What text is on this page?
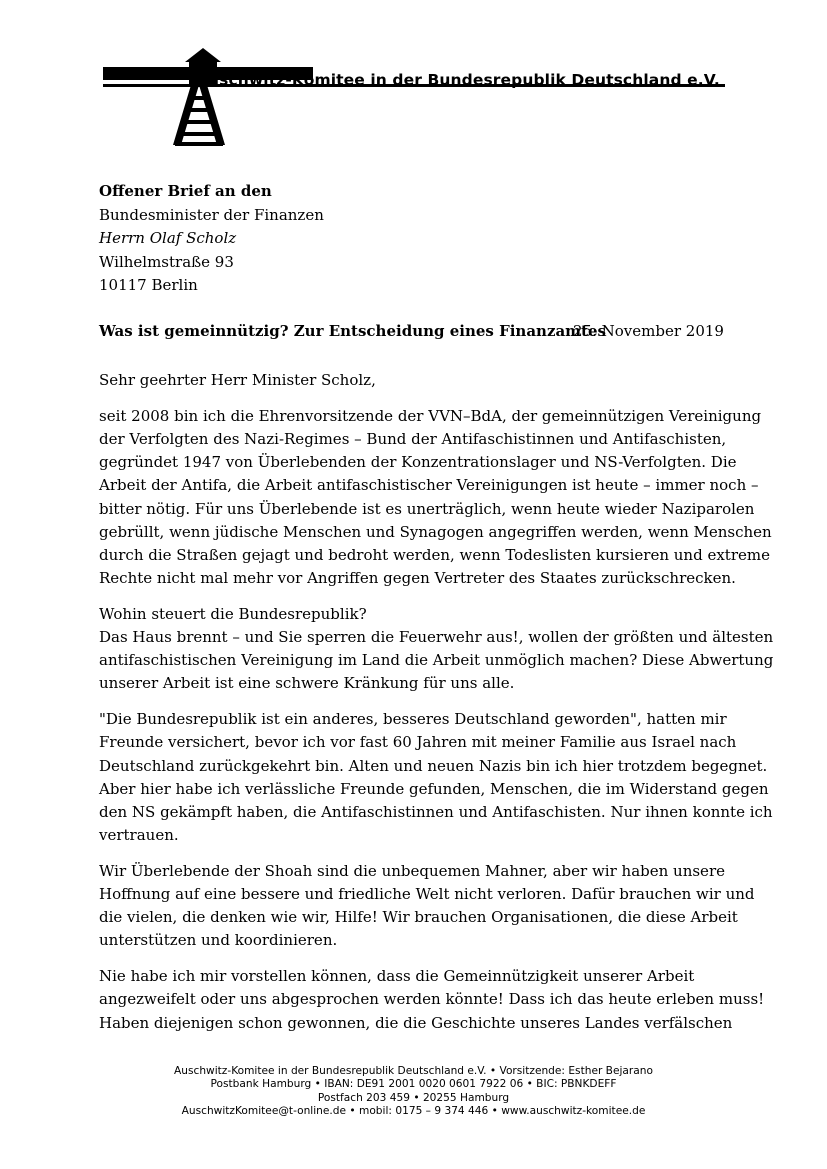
uschwitz-Komitee in der Bundesrepublik Deutschland e.V.
Offener Brief an den
Bundesminister der Finanzen
Herrn Olaf Scholz
Wilhelmstraße 93
10117 Berlin
Was ist gemeinnützig? Zur Entscheidung eines Finanzamtes
25. November 2019

Sehr geehrter Herr Minister Scholz,

seit 2008 bin ich die Ehrenvorsitzende der VVN–BdA, der gemeinnützigen Vereinigung
der Verfolgten des Nazi-Regimes – Bund der Antifaschistinnen und Antifaschisten,
gegründet 1947 von Überlebenden der Konzentrationslager und NS-Verfolgten. Die
Arbeit der Antifa, die Arbeit antifaschistischer Vereinigungen ist heute – immer noch –
bitter nötig. Für uns Überlebende ist es unerträglich, wenn heute wieder Naziparolen
gebrüllt, wenn jüdische Menschen und Synagogen angegriffen werden, wenn Menschen
durch die Straßen gejagt und bedroht werden, wenn Todeslisten kursieren und extreme
Rechte nicht mal mehr vor Angriffen gegen Vertreter des Staates zurückschrecken.

Wohin steuert die Bundesrepublik?
Das Haus brennt – und Sie sperren die Feuerwehr aus!, wollen der größten und ältesten
antifaschistischen Vereinigung im Land die Arbeit unmöglich machen? Diese Abwertung
unserer Arbeit ist eine schwere Kränkung für uns alle.

"Die Bundesrepublik ist ein anderes, besseres Deutschland geworden", hatten mir
Freunde versichert, bevor ich vor fast 60 Jahren mit meiner Familie aus Israel nach
Deutschland zurückgekehrt bin. Alten und neuen Nazis bin ich hier trotzdem begegnet.
Aber hier habe ich verlässliche Freunde gefunden, Menschen, die im Widerstand gegen
den NS gekämpft haben, die Antifaschistinnen und Antifaschisten. Nur ihnen konnte ich
vertrauen.

Wir Überlebende der Shoah sind die unbequemen Mahner, aber wir haben unsere
Hoffnung auf eine bessere und friedliche Welt nicht verloren. Dafür brauchen wir und
die vielen, die denken wie wir, Hilfe! Wir brauchen Organisationen, die diese Arbeit
unterstützen und koordinieren.

Nie habe ich mir vorstellen können, dass die Gemeinnützigkeit unserer Arbeit
angezweifelt oder uns abgesprochen werden könnte! Dass ich das heute erleben muss!
Haben diejenigen schon gewonnen, die die Geschichte unseres Landes verfälschen

Auschwitz-Komitee in der Bundesrepublik Deutschland e.V. • Vorsitzende: Esther Bejarano
Postbank Hamburg • IBAN: DE91 2001 0020 0601 7922 06 • BIC: PBNKDEFF
Postfach 203 459 • 20255 Hamburg
AuschwitzKomitee@t-online.de • mobil: 0175 – 9 374 446 • www.auschwitz-komitee.de
